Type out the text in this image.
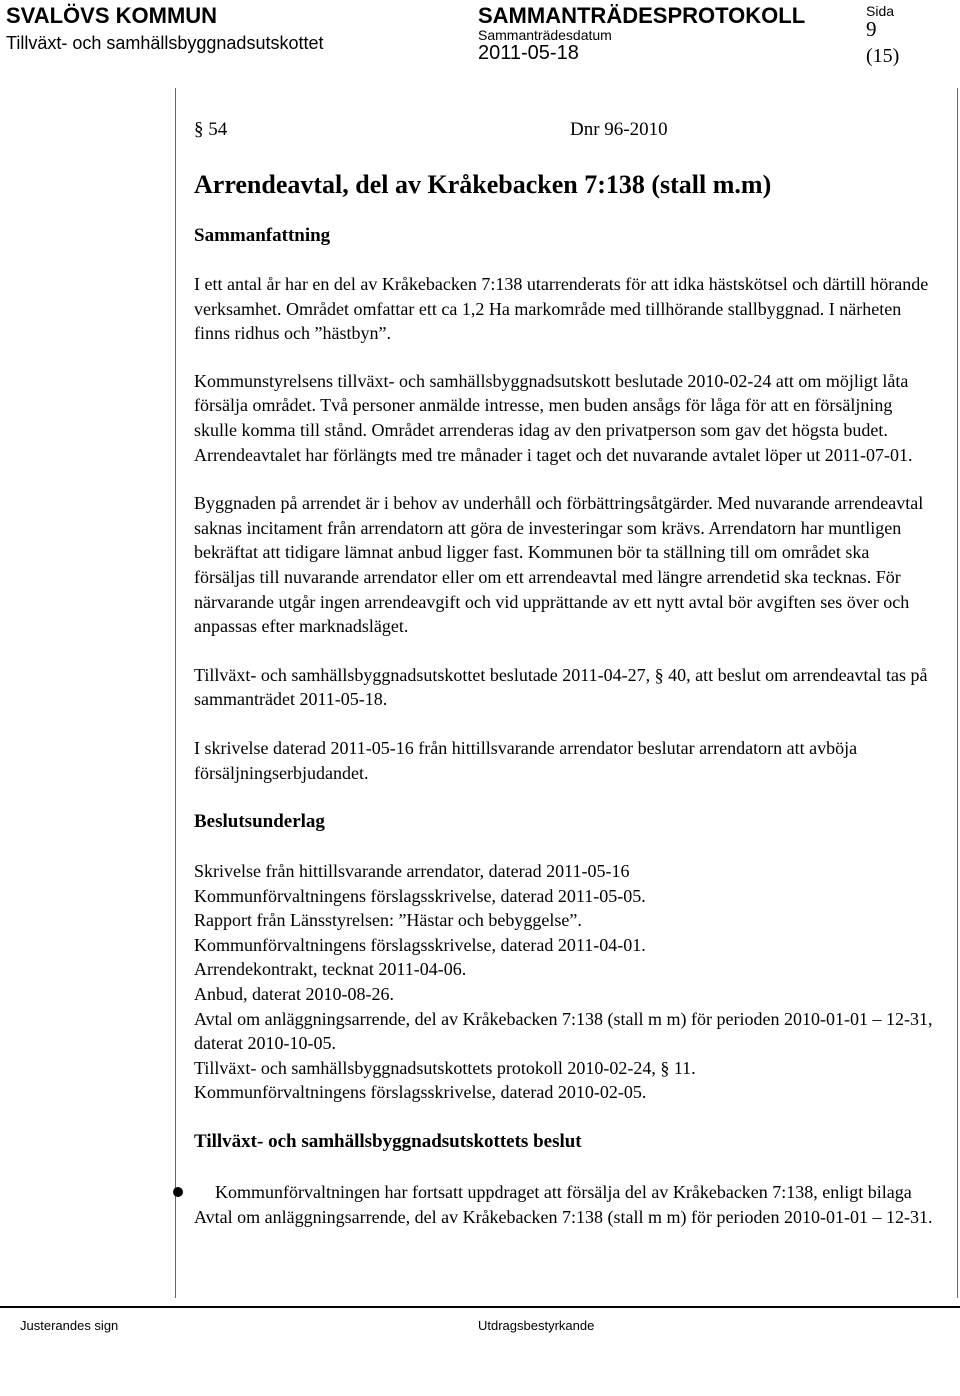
SVALÖVS KOMMUN
Tillväxt- och samhällsbyggnadsutskottet
SAMMANTRÄDESPROTOKOLL
Sammanträdesdatum
2011-05-18
Sida
9
(15)
§ 54	Dnr 96-2010
Arrendeavtal, del av Kråkebacken 7:138 (stall m.m)
Sammanfattning

I ett antal år har en del av Kråkebacken 7:138 utarrenderats för att idka hästskötsel och därtill hörande verksamhet. Området omfattar ett ca 1,2 Ha markområde med tillhörande stallbyggnad. I närheten finns ridhus och ”hästbyn”.

Kommunstyrelsens tillväxt- och samhällsbyggnadsutskott beslutade 2010-02-24 att om möjligt låta försälja området. Två personer anmälde intresse, men buden ansågs för låga för att en försäljning skulle komma till stånd. Området arrenderas idag av den privatperson som gav det högsta budet. Arrendeavtalet har förlängts med tre månader i taget och det nuvarande avtalet löper ut 2011-07-01.

Byggnaden på arrendet är i behov av underhåll och förbättringsåtgärder. Med nuvarande arrendeavtal saknas incitament från arrendatorn att göra de investeringar som krävs. Arrendatorn har muntligen bekräftat att tidigare lämnat anbud ligger fast. Kommunen bör ta ställning till om området ska försäljas till nuvarande arrendator eller om ett arrendeavtal med längre arrendetid ska tecknas. För närvarande utgår ingen arrendeavgift och vid upprättande av ett nytt avtal bör avgiften ses över och anpassas efter marknadsläget.

Tillväxt- och samhällsbyggnadsutskottet beslutade 2011-04-27, § 40, att beslut om arrendeavtal tas på sammanträdet 2011-05-18.

I skrivelse daterad 2011-05-16 från hittillsvarande arrendator beslutar arrendatorn att avböja försäljningserbjudandet.

Beslutsunderlag
Skrivelse från hittillsvarande arrendator, daterad 2011-05-16
Kommunförvaltningens förslagsskrivelse, daterad 2011-05-05.
Rapport från Länsstyrelsen: ”Hästar och bebyggelse”.
Kommunförvaltningens förslagsskrivelse, daterad 2011-04-01.
Arrendekontrakt, tecknat 2011-04-06.
Anbud, daterat 2010-08-26.
Avtal om anläggningsarrende, del av Kråkebacken 7:138 (stall m m) för perioden 2010-01-01 – 12-31, daterat 2010-10-05.
Tillväxt- och samhällsbyggnadsutskottets protokoll 2010-02-24, § 11.
Kommunförvaltningens förslagsskrivelse, daterad 2010-02-05.
Tillväxt- och samhällsbyggnadsutskottets beslut
Kommunförvaltningen har fortsatt uppdraget att försälja del av Kråkebacken 7:138, enligt bilaga Avtal om anläggningsarrende, del av Kråkebacken 7:138 (stall m m) för perioden 2010-01-01 – 12-31.
Justerandes sign	Utdragsbestyrkande
